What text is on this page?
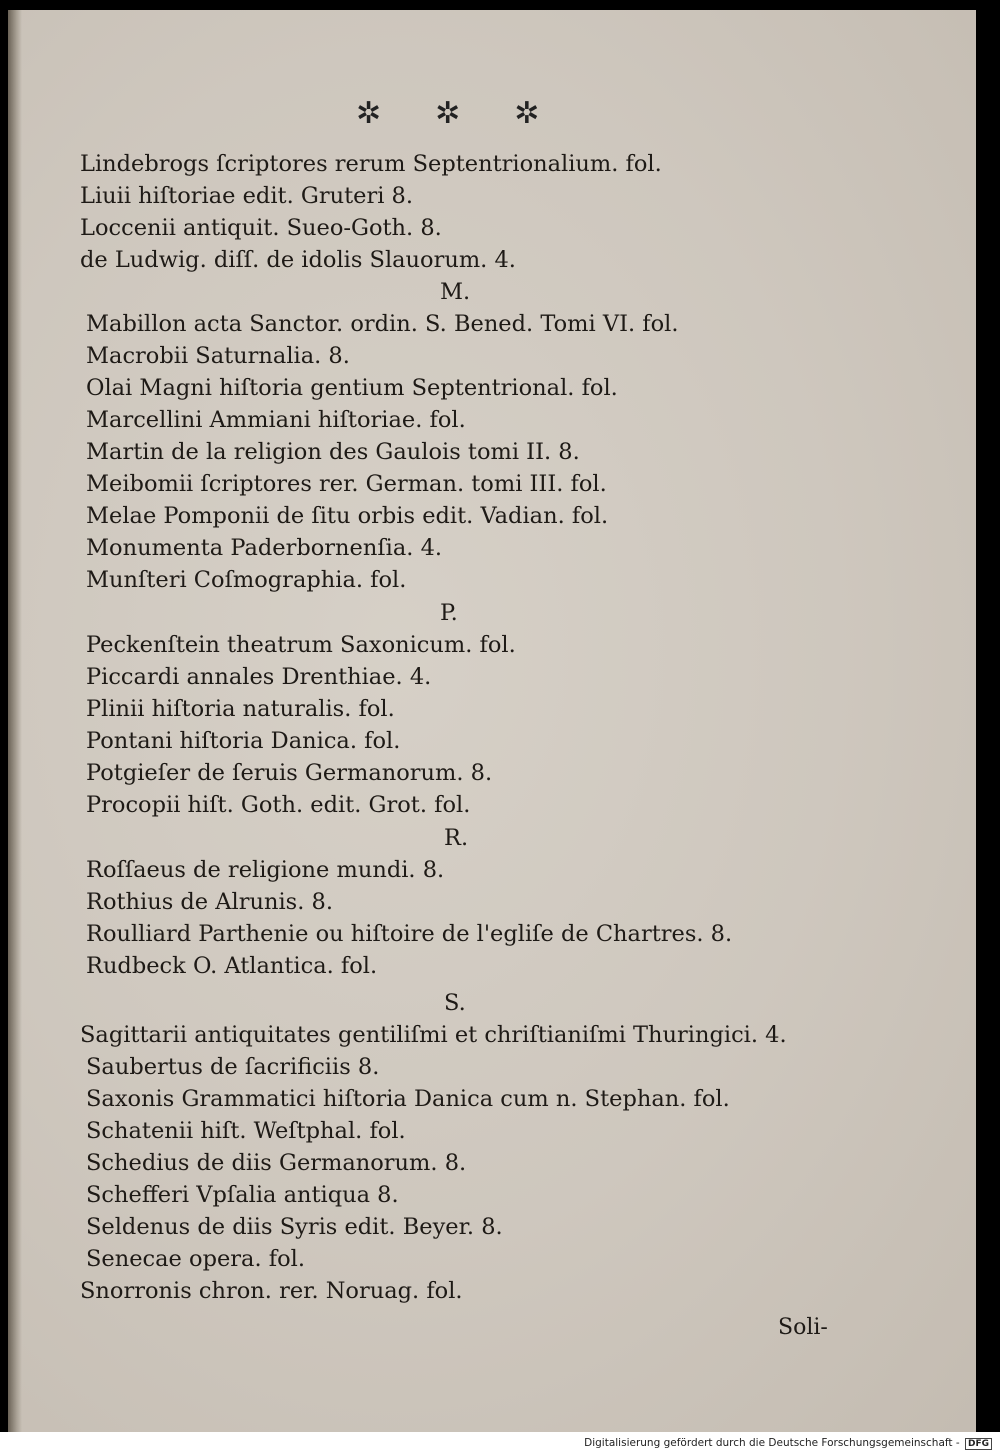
✲ ✲ ✲
Lindebrogs ſcriptores rerum Septentrionalium. fol.
Liuii hiſtoriae edit. Gruteri 8.
Loccenii antiquit. Sueo-Goth. 8.
de Ludwig. diſſ. de idolis Slauorum. 4.
M.
Mabillon acta Sanctor. ordin. S. Bened. Tomi VI. fol.
Macrobii Saturnalia. 8.
Olai Magni hiſtoria gentium Septentrional. fol.
Marcellini Ammiani hiſtoriae. fol.
Martin de la religion des Gaulois tomi II. 8.
Meibomii ſcriptores rer. German. tomi III. fol.
Melae Pomponii de ſitu orbis edit. Vadian. fol.
Monumenta Paderbornenſia. 4.
Munſteri Coſmographia. fol.
P.
Peckenſtein theatrum Saxonicum. fol.
Piccardi annales Drenthiae. 4.
Plinii hiſtoria naturalis. fol.
Pontani hiſtoria Danica. fol.
Potgieſer de ſeruis Germanorum. 8.
Procopii hiſt. Goth. edit. Grot. fol.
R.
Roſſaeus de religione mundi. 8.
Rothius de Alrunis. 8.
Roulliard Parthenie ou hiſtoire de l'egliſe de Chartres. 8.
Rudbeck O. Atlantica. fol.
S.
Sagittarii antiquitates gentiliſmi et chriſtianiſmi Thuringici. 4.
Saubertus de ſacrificiis 8.
Saxonis Grammatici hiſtoria Danica cum n. Stephan. fol.
Schatenii hiſt. Weſtphal. fol.
Schedius de diis Germanorum. 8.
Schefferi Vpſalia antiqua 8.
Seldenus de diis Syris edit. Beyer. 8.
Senecae opera. fol.
Snorronis chron. rer. Noruag. fol.
Soli-
Digitalisierung gefördert durch die Deutsche Forschungsgemeinschaft - DFG
